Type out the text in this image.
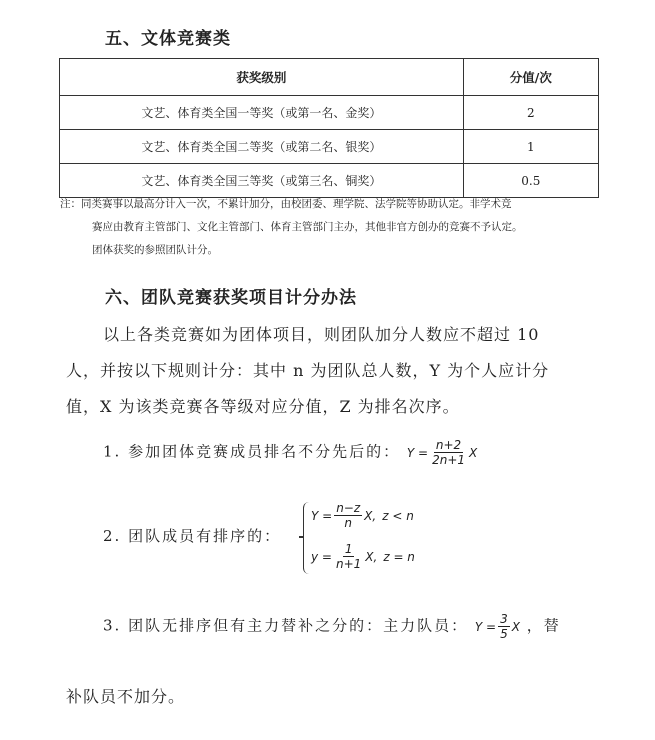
五、文体竞赛类
获奖级别	分值/次
文艺、体育类全国一等奖（或第一名、金奖）	2
文艺、体育类全国二等奖（或第二名、银奖）	1
文艺、体育类全国三等奖（或第三名、铜奖）	0.5
注：同类赛事以最高分计入一次，不累计加分，由校团委、理学院、法学院等协助认定。非学术竞
赛应由教育主管部门、文化主管部门、体育主管部门主办，其他非官方创办的竞赛不予认定。
团体获奖的参照团队计分。
六、团队竞赛获奖项目计分办法
以上各类竞赛如为团体项目，则团队加分人数应不超过 10
人，并按以下规则计分：其中 n 为团队总人数，Y 为个人应计分
值，X 为该类竞赛各等级对应分值，Z 为排名次序。
1. 参加团体竞赛成员排名不分先后的： $Y = \frac{n+2}{2n+1}$ X
2. 团队成员有排序的：
$Y = \frac{n-z}{n} X$, z < n
$y = \frac{1}{n+1} X$, z = n
3. 团队无排序但有主力替补之分的：主力队员： $Y = \frac{3}{5}$ X ，替
补队员不加分。
